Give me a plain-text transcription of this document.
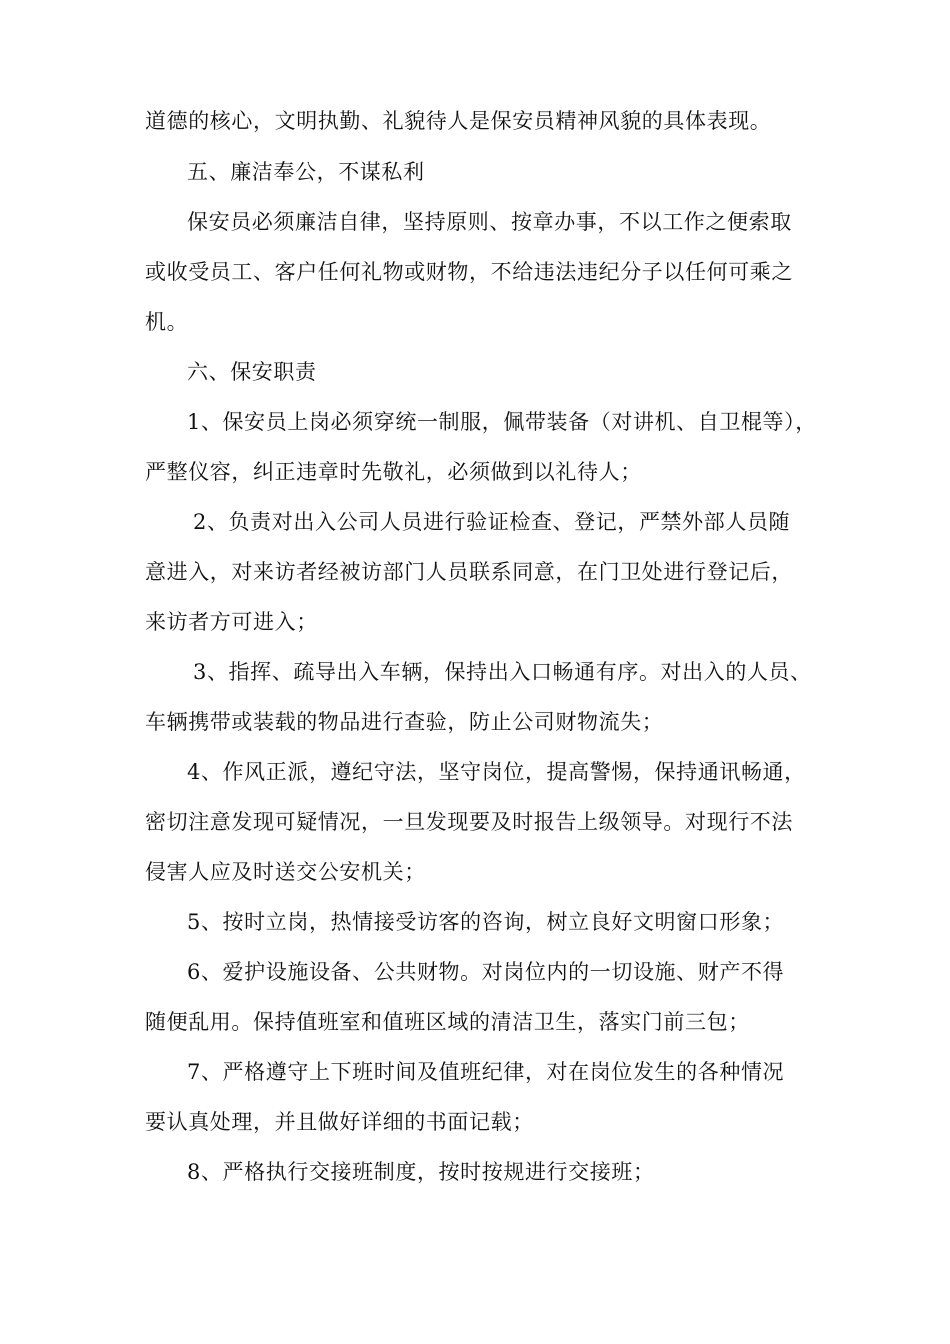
道德的核心，文明执勤、礼貌待人是保安员精神风貌的具体表现。
五、廉洁奉公，不谋私利
保安员必须廉洁自律，坚持原则、按章办事，不以工作之便索取
或收受员工、客户任何礼物或财物，不给违法违纪分子以任何可乘之
机。
六、保安职责
1、保安员上岗必须穿统一制服，佩带装备（对讲机、自卫棍等），
严整仪容，纠正违章时先敬礼，必须做到以礼待人；
2、负责对出入公司人员进行验证检查、登记，严禁外部人员随
意进入，对来访者经被访部门人员联系同意，在门卫处进行登记后，
来访者方可进入；
3、指挥、疏导出入车辆，保持出入口畅通有序。对出入的人员、
车辆携带或装载的物品进行查验，防止公司财物流失；
4、作风正派，遵纪守法，坚守岗位，提高警惕，保持通讯畅通，
密切注意发现可疑情况，一旦发现要及时报告上级领导。对现行不法
侵害人应及时送交公安机关；
5、按时立岗，热情接受访客的咨询，树立良好文明窗口形象；
6、爱护设施设备、公共财物。对岗位内的一切设施、财产不得
随便乱用。保持值班室和值班区域的清洁卫生，落实门前三包；
7、严格遵守上下班时间及值班纪律，对在岗位发生的各种情况
要认真处理，并且做好详细的书面记载；
8、严格执行交接班制度，按时按规进行交接班；
